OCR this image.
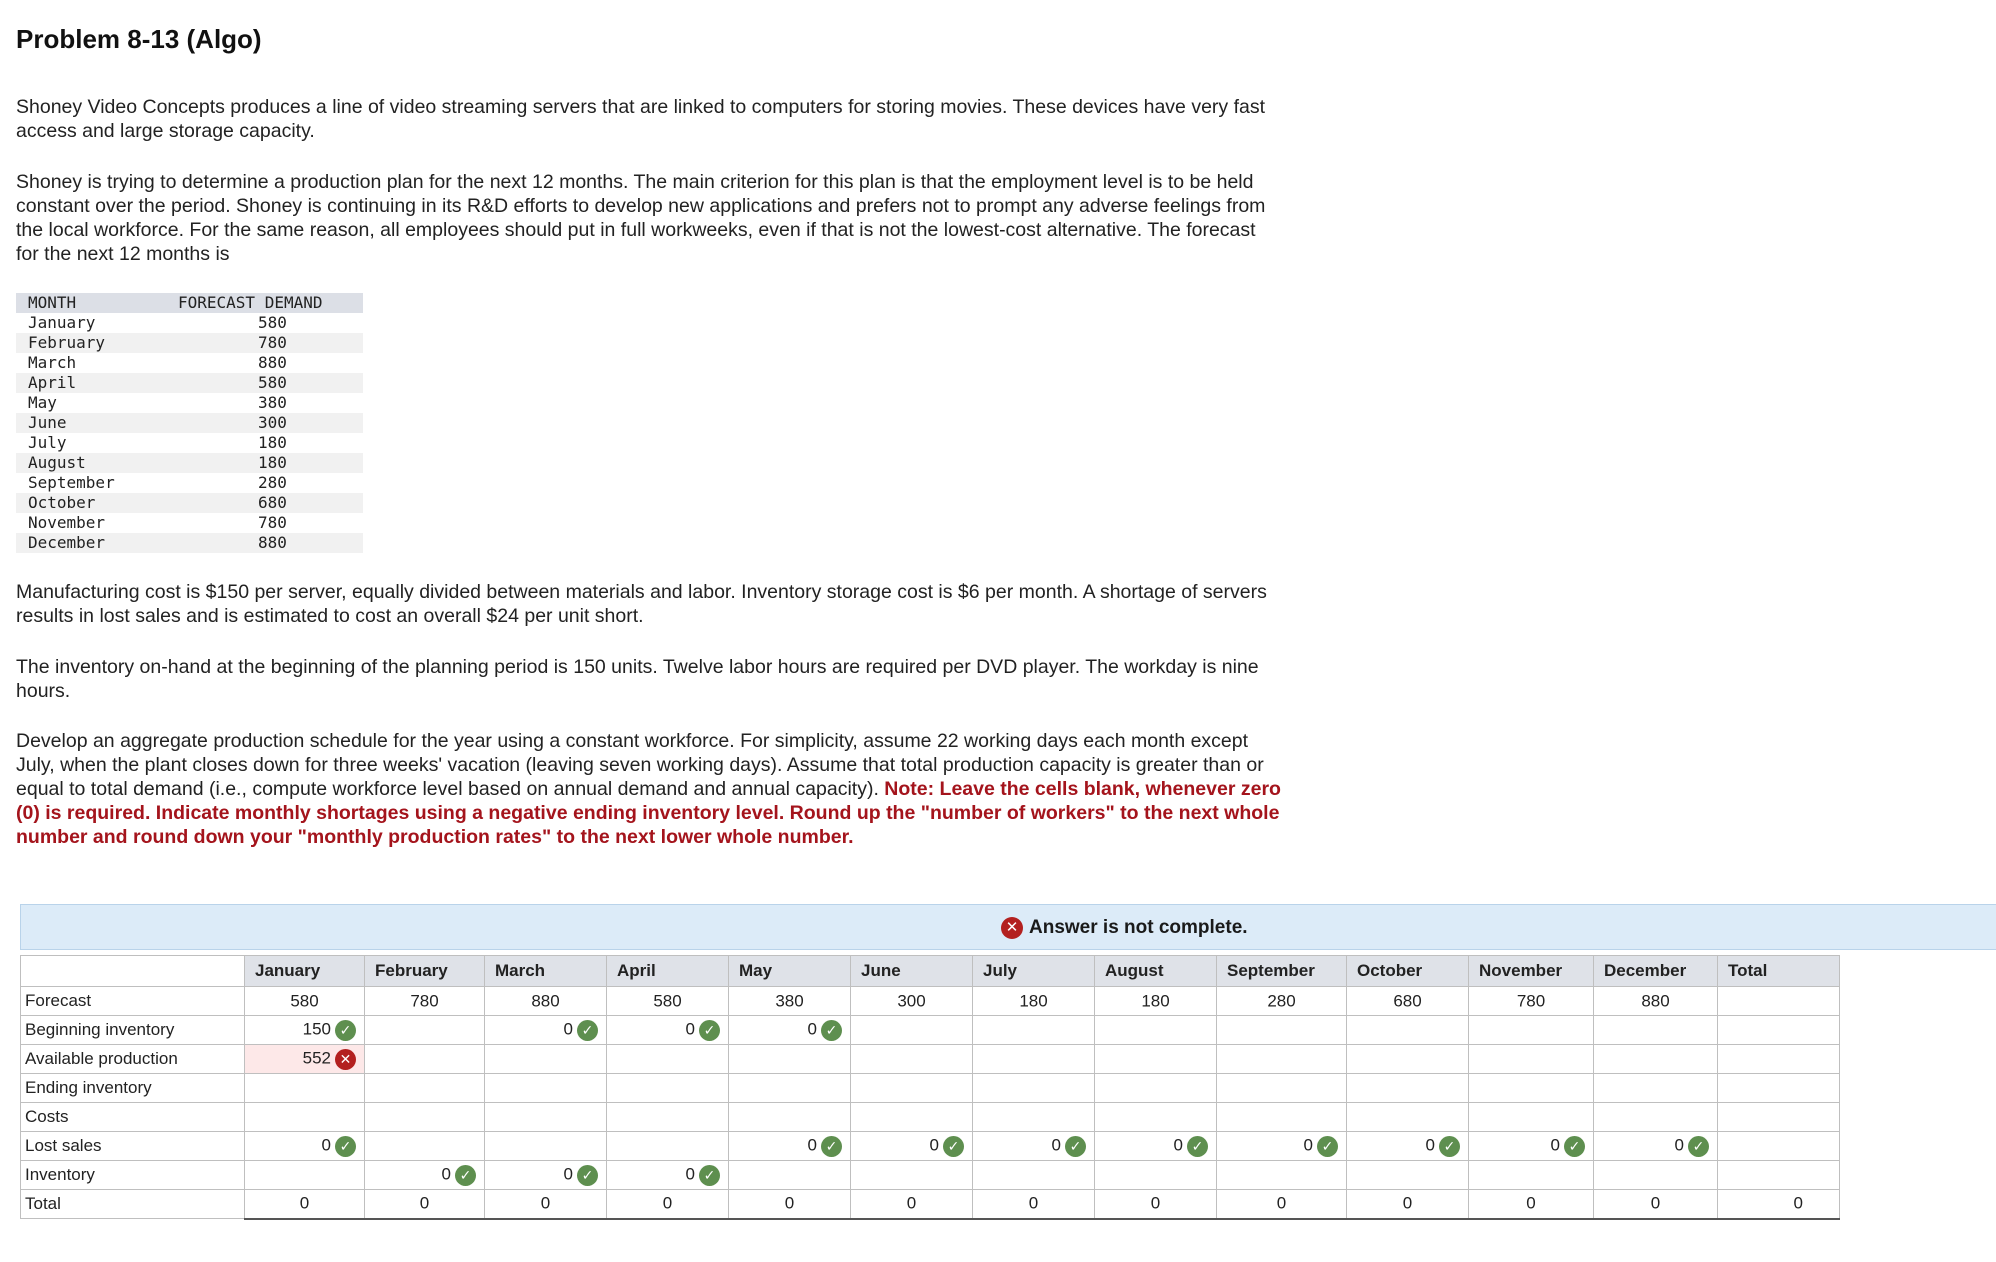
Problem 8-13 (Algo)

Shoney Video Concepts produces a line of video streaming servers that are linked to computers for storing movies. These devices have very fast access and large storage capacity.

Shoney is trying to determine a production plan for the next 12 months. The main criterion for this plan is that the employment level is to be held constant over the period. Shoney is continuing in its R&D efforts to develop new applications and prefers not to prompt any adverse feelings from the local workforce. For the same reason, all employees should put in full workweeks, even if that is not the lowest-cost alternative. The forecast for the next 12 months is

MONTH	FORECAST DEMAND
January	580
February	780
March	880
April	580
May	380
June	300
July	180
August	180
September	280
October	680
November	780
December	880

Manufacturing cost is $150 per server, equally divided between materials and labor. Inventory storage cost is $6 per month. A shortage of servers results in lost sales and is estimated to cost an overall $24 per unit short.

The inventory on-hand at the beginning of the planning period is 150 units. Twelve labor hours are required per DVD player. The workday is nine hours.

Develop an aggregate production schedule for the year using a constant workforce. For simplicity, assume 22 working days each month except July, when the plant closes down for three weeks' vacation (leaving seven working days). Assume that total production capacity is greater than or equal to total demand (i.e., compute workforce level based on annual demand and annual capacity). Note: Leave the cells blank, whenever zero (0) is required. Indicate monthly shortages using a negative ending inventory level. Round up the "number of workers" to the next whole number and round down your "monthly production rates" to the next lower whole number.

✕ Answer is not complete.
	January	February	March	April	May	June	July	August	September	October	November	December	Total
Forecast	580	780	880	580	380	300	180	180	280	680	780	880	
Beginning inventory	150 ✓		0 ✓	0 ✓	0 ✓								
Available production	552 ✕												
Ending inventory													
Costs													
Lost sales	0 ✓				0 ✓	0 ✓	0 ✓	0 ✓	0 ✓	0 ✓	0 ✓	0 ✓	
Inventory		0 ✓	0 ✓	0 ✓									
Total	0	0	0	0	0	0	0	0	0	0	0	0	0
